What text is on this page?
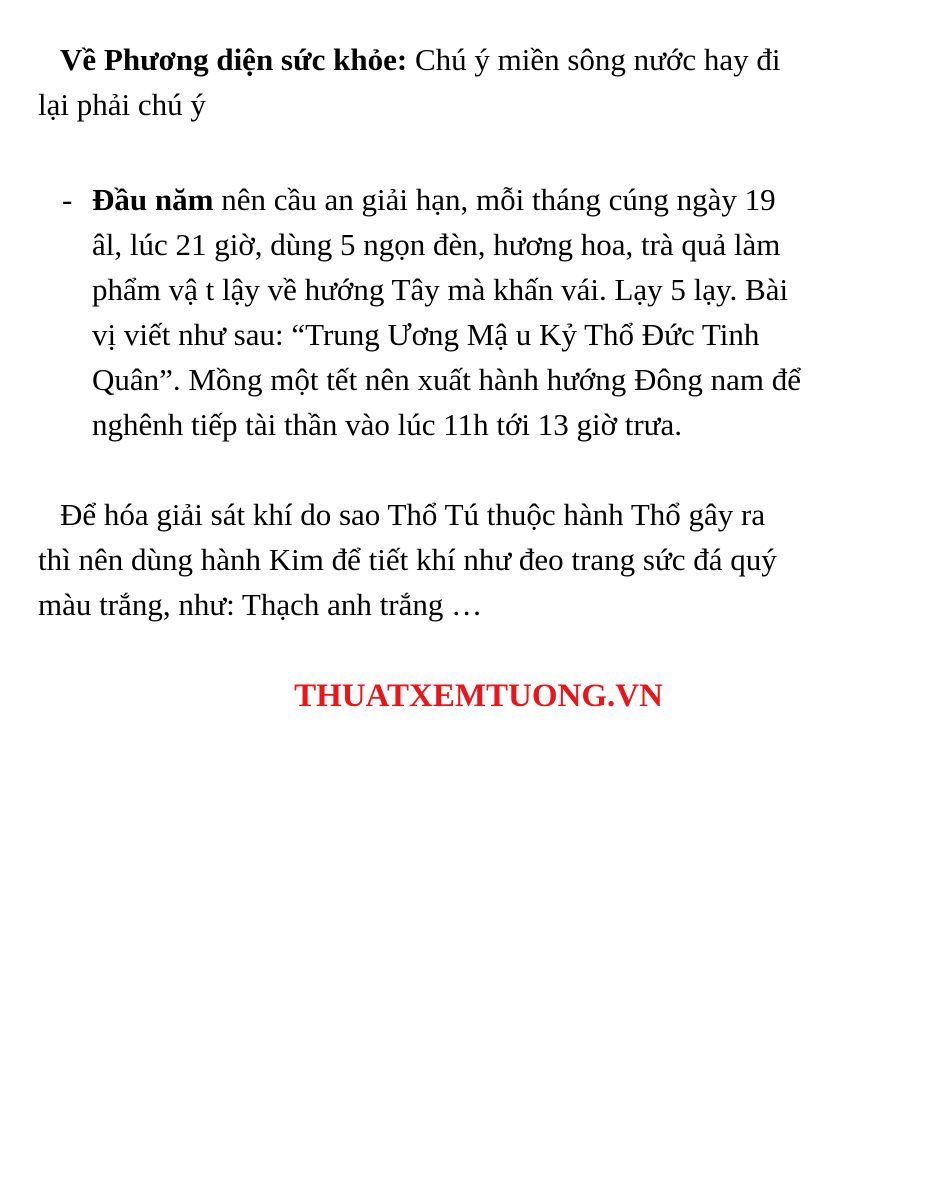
Về Phương diện sức khỏe: Chú ý miền sông nước hay đi
lại phải chú ý

- Đầu năm nên cầu an giải hạn, mỗi tháng cúng ngày 19
âl, lúc 21 giờ, dùng 5 ngọn đèn, hương hoa, trà quả làm
phẩm vậ t lậy về hướng Tây mà khấn vái. Lạy 5 lạy. Bài
vị viết như sau: “Trung Ương Mậ u Kỷ Thổ Đức Tinh
Quân”. Mồng một tết nên xuất hành hướng Đông nam để
nghênh tiếp tài thần vào lúc 11h tới 13 giờ trưa.

Để hóa giải sát khí do sao Thổ Tú thuộc hành Thổ gây ra
thì nên dùng hành Kim để tiết khí như đeo trang sức đá quý
màu trắng, như: Thạch anh trắng …

THUATXEMTUONG.VN
